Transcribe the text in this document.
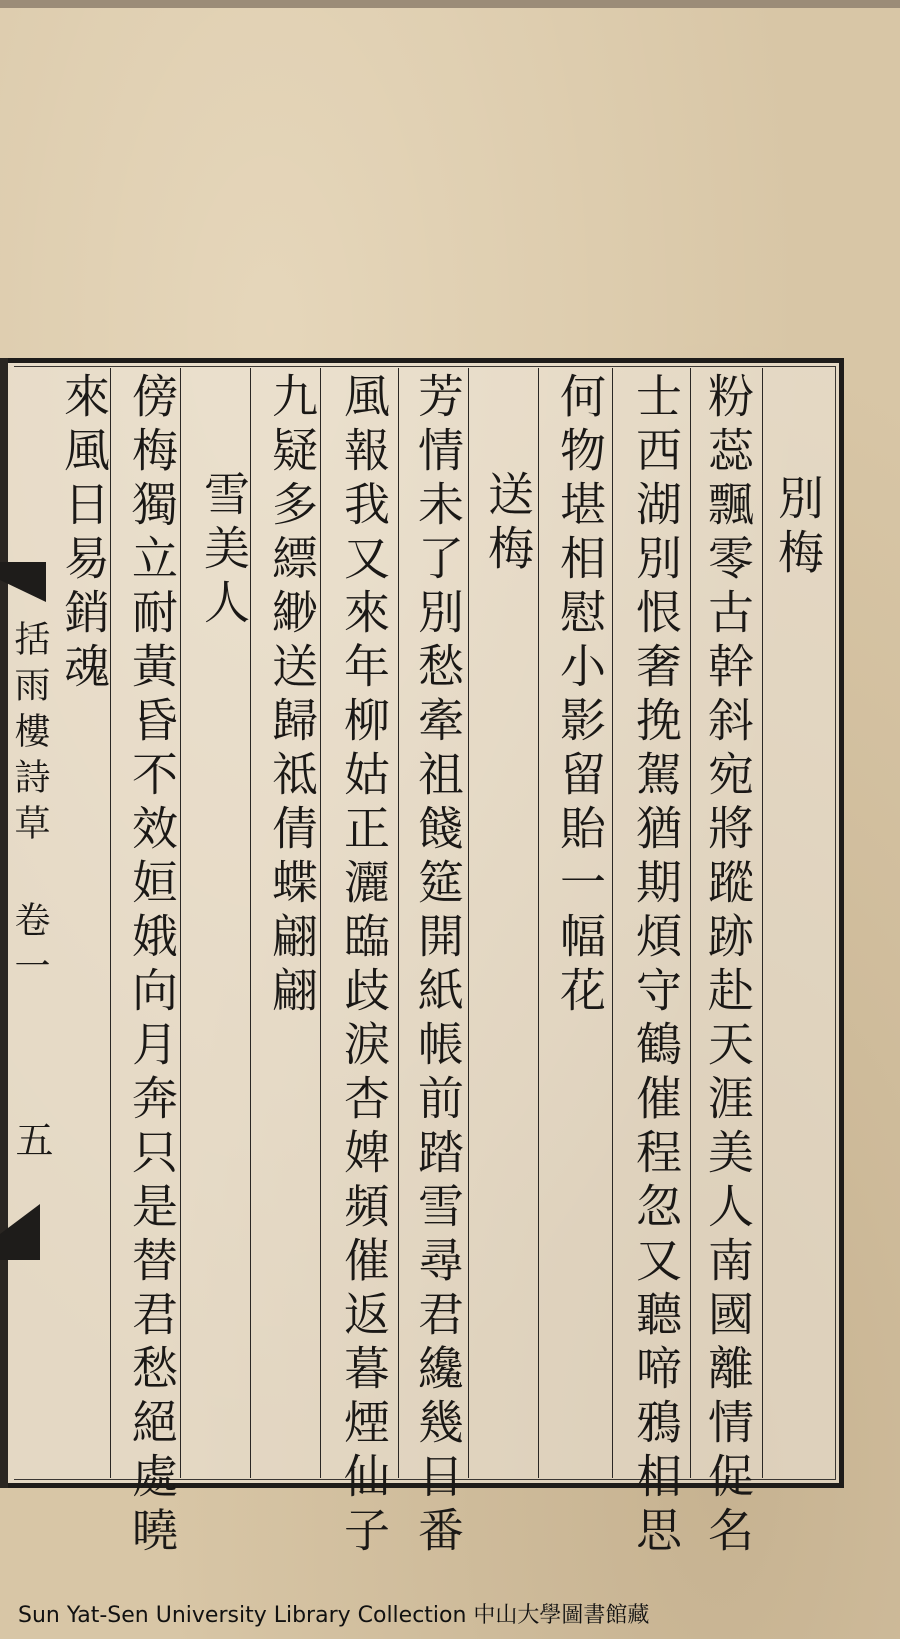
別梅
粉蕊飄零古幹斜宛將蹤跡赴天涯美人南國離情促名
士西湖別恨奢挽駕猶期煩守鶴催程忽又聽啼鴉相思
何物堪相慰小影留貽一幅花
送梅
芳情未了別愁牽祖餞筵開紙帳前踏雪尋君纔幾日番
風報我又來年柳姑正灑臨歧淚杏婢頻催返暮煙仙子
九疑多縹緲送歸祗倩蝶翩翩
雪美人
傍梅獨立耐黃昏不效姮娥向月奔只是替君愁絕處曉
來風日易銷魂
括雨樓詩草 卷一
五
Sun Yat-Sen University Library Collection 中山大學圖書館藏
